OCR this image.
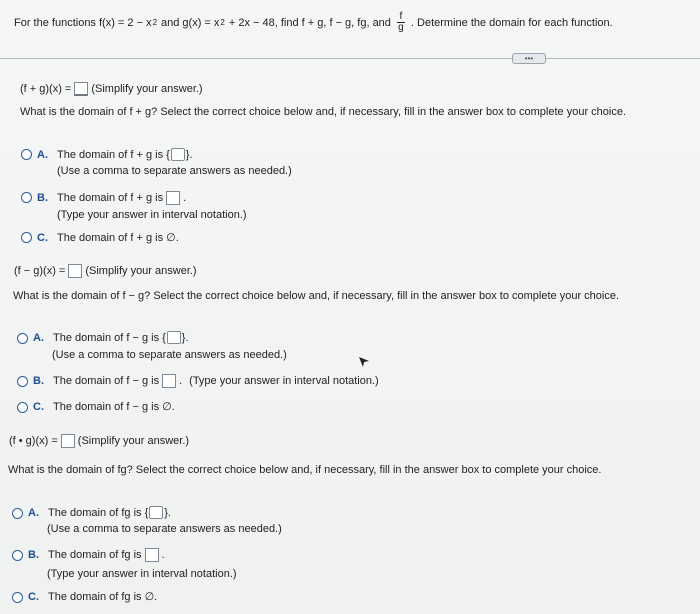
For the functions f(x) = 2 − x 2 and g(x) = x 2 + 2x − 48, find f + g, f − g, fg, and $\frac{f}{g}$ . Determine the domain for each function.
•••
(f + g)(x) = (Simplify your answer.)
What is the domain of f + g? Select the correct choice below and, if necessary, fill in the answer box to complete your choice.
A. The domain of f + g is { }.
(Use a comma to separate answers as needed.)
B. The domain of f + g is .
(Type your answer in interval notation.)
C. The domain of f + g is ∅.
(f − g)(x) = (Simplify your answer.)
What is the domain of f − g? Select the correct choice below and, if necessary, fill in the answer box to complete your choice.
A. The domain of f − g is { }.
(Use a comma to separate answers as needed.)
B. The domain of f − g is . (Type your answer in interval notation.)
C. The domain of f − g is ∅.
(f • g)(x) = (Simplify your answer.)
What is the domain of fg? Select the correct choice below and, if necessary, fill in the answer box to complete your choice.
A. The domain of fg is { }.
(Use a comma to separate answers as needed.)
B. The domain of fg is .
(Type your answer in interval notation.)
C. The domain of fg is ∅.
